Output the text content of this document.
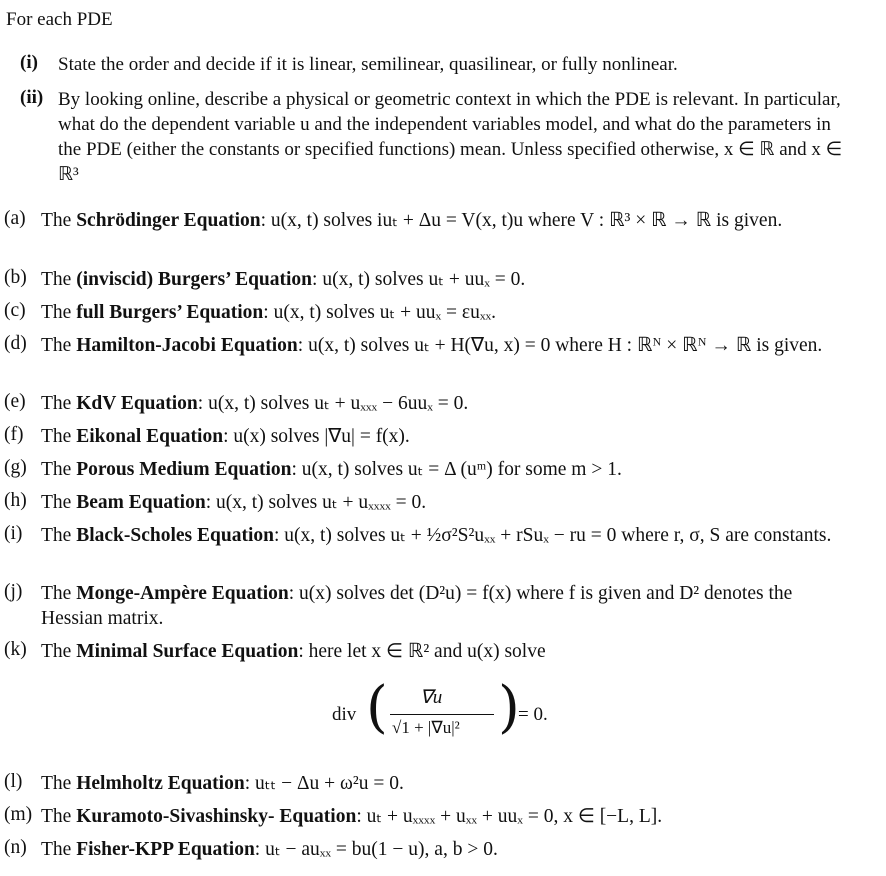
For each PDE
(i) State the order and decide if it is linear, semilinear, quasilinear, or fully nonlinear.
(ii) By looking online, describe a physical or geometric context in which the PDE is relevant. In particular, what do the dependent variable u and the independent variables model, and what do the parameters in the PDE (either the constants or specified functions) mean. Unless specified otherwise, x ∈ ℝ and x ∈ ℝ³
(a) The Schrödinger Equation: u(x, t) solves iuₜ + Δu = V(x, t)u where V : ℝ³ × ℝ → ℝ is given.
(b) The (inviscid) Burgers’ Equation: u(x, t) solves uₜ + uuₓ = 0.
(c) The full Burgers’ Equation: u(x, t) solves uₜ + uuₓ = εuₓₓ.
(d) The Hamilton-Jacobi Equation: u(x, t) solves uₜ + H(∇u, x) = 0 where H : ℝᴺ × ℝᴺ → ℝ is given.
(e) The KdV Equation: u(x, t) solves uₜ + uₓₓₓ − 6uuₓ = 0.
(f) The Eikonal Equation: u(x) solves |∇u| = f(x).
(g) The Porous Medium Equation: u(x, t) solves uₜ = Δ (uᵐ) for some m > 1.
(h) The Beam Equation: u(x, t) solves uₜ + uₓₓₓₓ = 0.
(i) The Black-Scholes Equation: u(x, t) solves uₜ + ½σ²S²uₓₓ + rSuₓ − ru = 0 where r, σ, S are constants.
(j) The Monge-Ampère Equation: u(x) solves det (D²u) = f(x) where f is given and D² denotes the Hessian matrix.
(k) The Minimal Surface Equation: here let x ∈ ℝ² and u(x) solve
(l) The Helmholtz Equation: uₜₜ − Δu + ω²u = 0.
(m) The Kuramoto-Sivashinsky- Equation: uₜ + uₓₓₓₓ + uₓₓ + uuₓ = 0, x ∈ [−L, L].
(n) The Fisher-KPP Equation: uₜ − auₓₓ = bu(1 − u), a, b > 0.
div ( ∇u
√1 + |∇u|² )
= 0.
